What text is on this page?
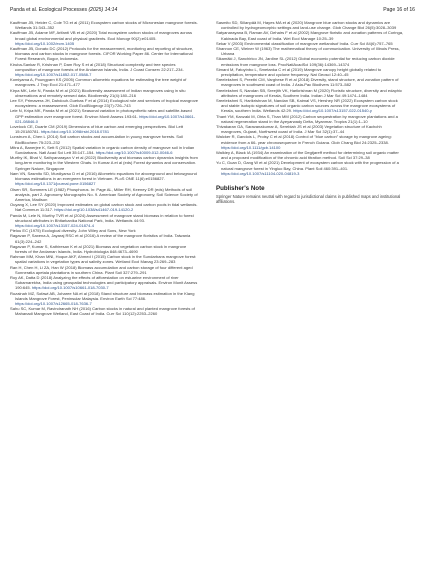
Panda et al. Ecological Processes (2025) 14:14	Page 16 of 16

Kauffman JB, Heider C, Cole TG et al (2011) Ecosystem carbon stocks of Micronesian mangrove forests. Wetlands 31:343–352

Kauffman JB, Adame MF, Arifanti VB et al (2020) Total ecosystem carbon stocks of mangroves across broad global environmental and physical gradients. Ecol Monogr 90(2):e01405. https://doi.org/10.1002/ecm.1405

Kauffman JB, Donato DC (2012) Protocols for the measurement, monitoring and reporting of structure, biomass and carbon stocks in mangrove forests. CIFOR Working Paper 86. Center for International Forest Research, Bogor, Indonesia.

Kiruba-Sankar R, Krishnan P, Dam Roy S et al (2018) Structural complexity and tree species composition of mangrove forests of the Andaman Islands, India. J Coast Conserv 22:217–234. https://doi.org/10.1007/s11852-017-0588-7

Komiyama A, Poungparn KS (2005) Common allometric equations for estimating the tree weight of mangroves. J Trop Ecol 21:471–477

Kirpa MK, Lele N, Panda M et al (2021) Biodiversity assessment of Indian mangroves using in situ observations and remotely sensed data. Biodiversity 21(4):180–216

Lee SY, Primavera JH, Dahdouh-Guebas F et al (2014) Ecological role and services of tropical mangrove ecosystems: a reassessment. Glob EcolBiogeogr 23(7):726–743

Lele N, Kripa MK, Panda M et al (2021) Seasonal variation in photosynthetic rates and satellite-based GPP estimation over mangrove forest. Environ Monit Assess 193:61. https://doi.org/10.1007/s10661-021-08846-0

Lovelock CE, Duarte CM (2019) Dimensions of blue carbon and emerging perspectives. Biol Lett 15:20180781. https://doi.org/10.1098/rsbl.2018.0781

Lunstrum A, Chen L (2014) Soil carbon stocks and accumulation in young mangrove forests. Soil BiolBiochem 75:223–232

Mitra A, Banerjee K, Sett S (2012) Spatial variation in organic carbon density of mangrove soil in Indian Sundarbans. Natl Acad Sci Lett 35:147–154. https://doi.org/10.1007/s40009-012-0046-6

Murthy IK, Bhat V, Sathyanarayan V et al (2022) Biodiversity and biomass carbon dynamics insights from long-term monitoring in the Western Ghats. In Kumar A et al (eds) Forest dynamics and conservation. Springer Nature, Singapore

Nam VN, Sasmito SD, Murdiyarso D et al (2016) Allometric equations for aboveground and belowground biomass estimations in an evergreen forest in Vietnam. PLoS ONE 11(6):e0156827. https://doi.org/10.1371/journal.pone.0156827

Olsen SR, Sommers LE (1982) Phosphorus. In: Page AL, Miller RH, Keeney DR (eds) Methods of soil analysis, part 2. Agronomy Monographs No. 9. American Society of Agronomy, Soil Science Society of America, Madison

Ouyang X, Lee SY (2020) Improved estimates on global carbon stock and carbon pools in tidal wetlands. Nat Commun 11:317. https://doi.org/10.1038/s41467-019-14120-2

Panda M, Lele N, Murthy TVR et al (2024) Assessment of mangrove stand biomass in relation to forest structural attributes in Bhitarkanika National Park, India. Wetlands 44:93. https://doi.org/10.1007/s13157-024-01874-4

Pielou EC (1975) Ecological diversity. John Wiley and Sons, New York

Ragavan P, Saxena A, Jayaraj RSC et al (2016) A review of the mangrove floristics of India. Taiwania 61(3):224–242

Ragavan P, Kumar S, Kathiresan K et al (2021) Biomass and vegetation carbon stock in mangrove forests of the Andaman Islands, India. Hydrobiologia 848:4673–4690

Rahman MM, Khan MNI, Hoque AKF, Ahmed I (2015) Carbon stock in the Sundarbans mangrove forest: spatial variations in vegetation types and salinity zones. Wetland Ecol Manag 23:269–283

Ran H, Chen H, Li ZA, Han W (2018) Biomass accumulation and carbon storage of four different aged Sonneratia apetala plantations in southern China. Plant Soil 327:279–291

Roy AK, Datta D (2018) Analyzing the effects of afforestation on estuarine environment of river Subarnarekha, India using geospatial technologies and participatory appraisals. Environ Monit Assess 190:645. https://doi.org/10.1007/s10661-018-7030-7

Rozainah MZ, Sofawi AB, Joharee NA et al (2018) Stand structure and biomass estimation in the Klang Islands Mangrove Forest, Peninsular Malaysia. Environ Earth Sci 77:486. https://doi.org/10.1007/s12665-018-7636-7

Sahu SC, Kumar M, Ravindranath NH (2016) Carbon stocks in natural and planted mangrove forests of Mahanadi Mangrove Wetland, East Coast of India. Curr Sci 110(12):2253–2260

Sasmito SD, Sillanpää M, Hayes MA et al (2020) Mangrove blue carbon stocks and dynamics are controlled by hydrogeomorphic settings and land-use change. Glob Change Biol 26(5):3028–3039

Satyanarayana B, Raman AV, Dehairs F et al (2002) Mangrove floristic and zonation patterns of Coringa, Kakinada Bay, East coast of India. Wet Ecol Manage 10:25–39

Sekar V (2003) Environmental classification of mangrove wetlandsof India. Curr Sci 84(6):757–765

Shannon CE, Weiner W (1963) The mathematical theory of communication. University of Illinois Press, Urbana

Sikamäki J, Sanchirico JN, Jardine SL (2012) Global economic potential for reducing carbon dioxide emissions from mangrove loss. ProcNatlAcadSci 109(36):14369–14374

Simard M, Fatoyinbo L, Smetanka C et al (2019) Mangrove canopy height globally related to precipitation, temperature and cyclone frequency. Nat Geosci 12:40–45

Sreelekshmi S, Preethi CM, Varghese R et al (2018) Diversity, stand structure, and zonation pattern of mangroves in southwest coast of India. J Asia-Pac Biodivers 11:573–582

Sreelekshmi S, Nandan SB, Sreejith VK, Harikrishnan M (2020) Floristic structure, diversity and edaphic attributes of mangroves of Kerala, Southern India. Indian J Mar Sci 49:1474–1484

Sreelekshmi S, Harikrishnan M, Nandan SB, Kaimal VS, Hershey NR (2022) Ecosystem carbon stock and stable isotopic signatures of soil organic carbon sources across the mangrove ecosystems of Kerala, southern India. Wetlands 42:29. https://doi.org/10.1007/s13157-022-01540-y

Thant YM, Kanzaki M, Ohta S, Than MM (2012) Carbon sequestration by mangrove plantations and a natural regeneration stand in the Ayeyarwady Delta, Myanmar. Tropics 21(1):1–10

Thivakaran GA, Saravanakumar A, Serebiah JS et al (2003) Vegetation structure of Kachchh mangroves, Gujarat, Northwest coast of India. J Mar Sci 32(1):37–44

Walcker R, Gandois L, Proisy C et al (2018) Control of "blue carbon" storage by mangrove ageing: evidence from a 66- year chronosequence in French Guiana. Glob Chang Biol 24:2325–2338. https://doi.org/10.1111/gcb.14100

Walkley A, Black IA (1934) An examination of the Degtjareff method for determining soil organic matter and a proposed modification of the chromic acid titration method. Soil Sci 37:29–38

Yu C, Guan D, Gang W et al (2021) Development of ecosystem carbon stock with the progression of a natural mangrove forest in Yingluo Bay, China. Plant Soil 460:391–401. https://doi.org/10.1007/s11104-020-04819-3

Publisher's Note

Springer Nature remains neutral with regard to jurisdictional claims in published maps and institutional affiliations.
